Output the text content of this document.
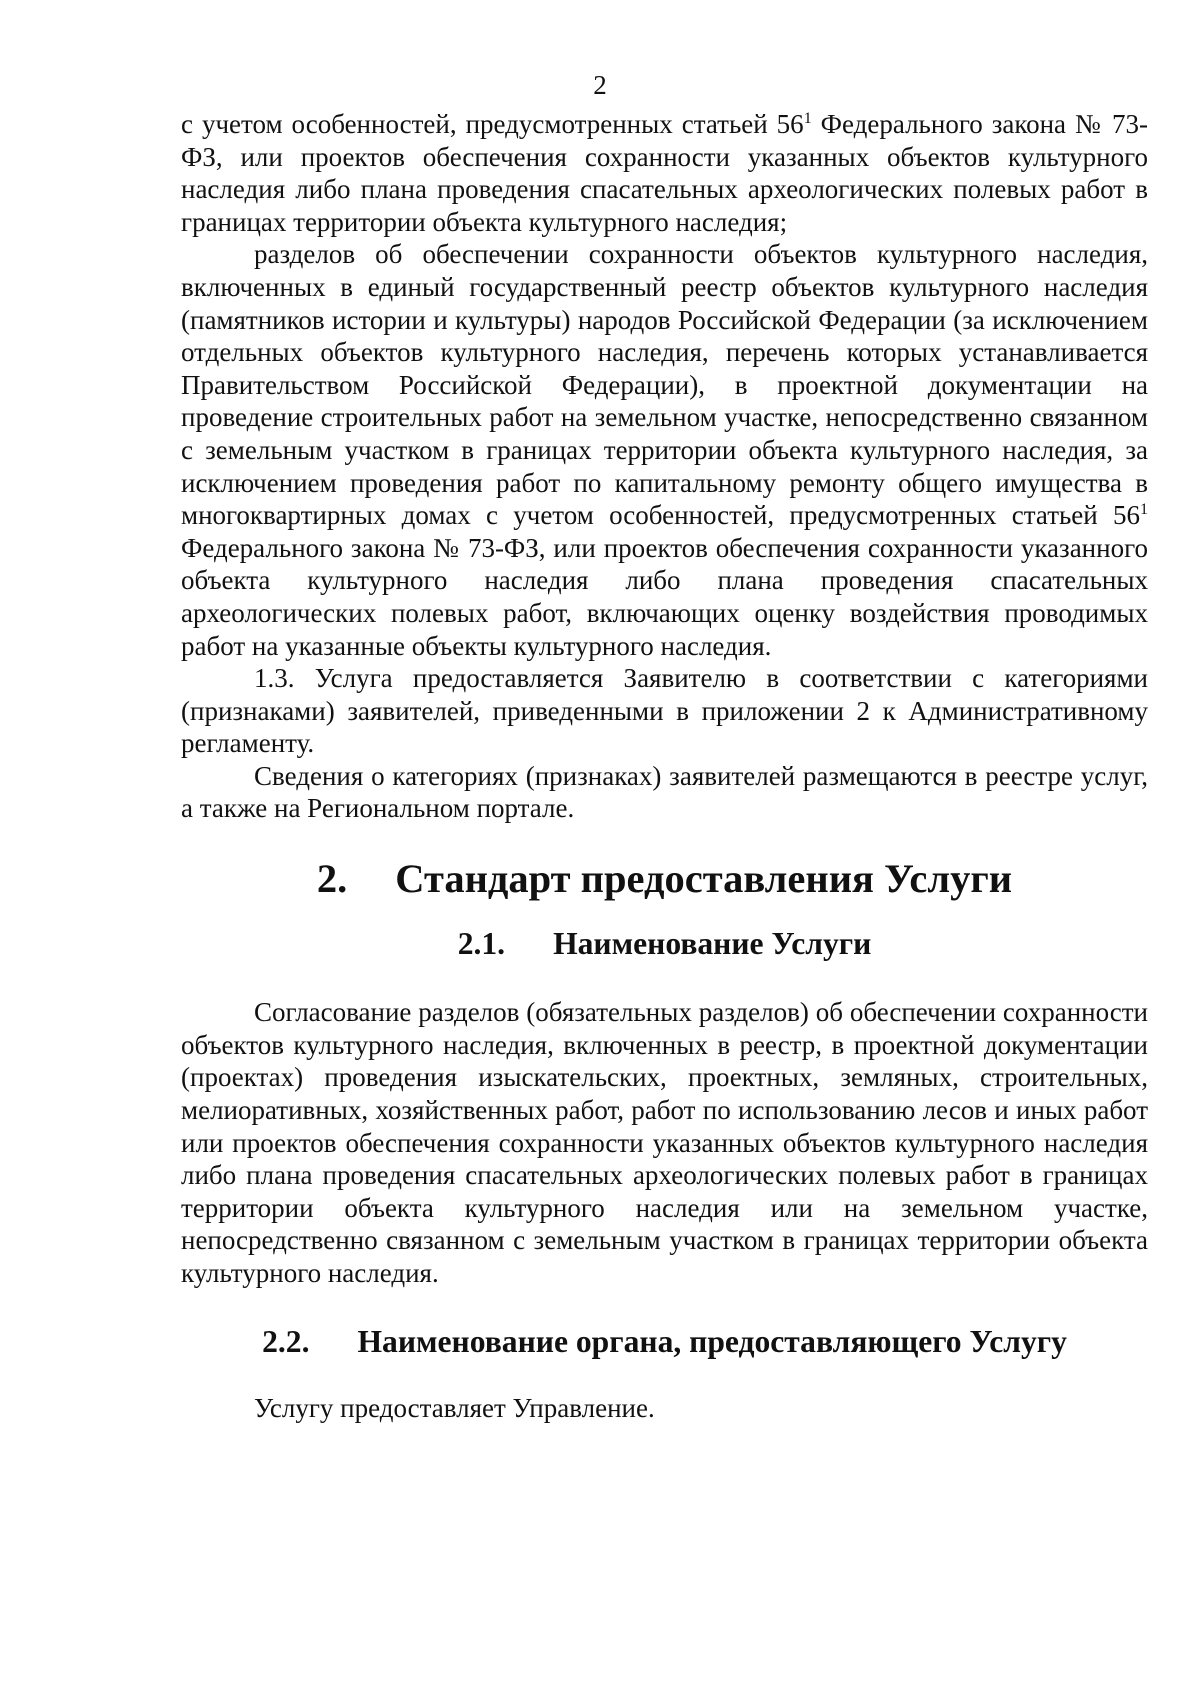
2

с учетом особенностей, предусмотренных статьей $56^1$ Федерального закона № 73-ФЗ, или проектов обеспечения сохранности указанных объектов культурного наследия либо плана проведения спасательных археологических полевых работ в границах территории объекта культурного наследия;

разделов об обеспечении сохранности объектов культурного наследия, включенных в единый государственный реестр объектов культурного наследия (памятников истории и культуры) народов Российской Федерации (за исключением отдельных объектов культурного наследия, перечень которых устанавливается Правительством Российской Федерации), в проектной документации на проведение строительных работ на земельном участке, непосредственно связанном с земельным участком в границах территории объекта культурного наследия, за исключением проведения работ по капитальному ремонту общего имущества в многоквартирных домах с учетом особенностей, предусмотренных статьей $56^1$ Федерального закона № 73-ФЗ, или проектов обеспечения сохранности указанного объекта культурного наследия либо плана проведения спасательных археологических полевых работ, включающих оценку воздействия проводимых работ на указанные объекты культурного наследия.

1.3. Услуга предоставляется Заявителю в соответствии с категориями (признаками) заявителей, приведенными в приложении 2 к Административному регламенту.

Сведения о категориях (признаках) заявителей размещаются в реестре услуг, а также на Региональном портале.

2. Стандарт предоставления Услуги
2.1. Наименование Услуги

Согласование разделов (обязательных разделов) об обеспечении сохранности объектов культурного наследия, включенных в реестр, в проектной документации (проектах) проведения изыскательских, проектных, земляных, строительных, мелиоративных, хозяйственных работ, работ по использованию лесов и иных работ или проектов обеспечения сохранности указанных объектов культурного наследия либо плана проведения спасательных археологических полевых работ в границах территории объекта культурного наследия или на земельном участке, непосредственно связанном с земельным участком в границах территории объекта культурного наследия.

2.2. Наименование органа, предоставляющего Услугу

Услугу предоставляет Управление.
